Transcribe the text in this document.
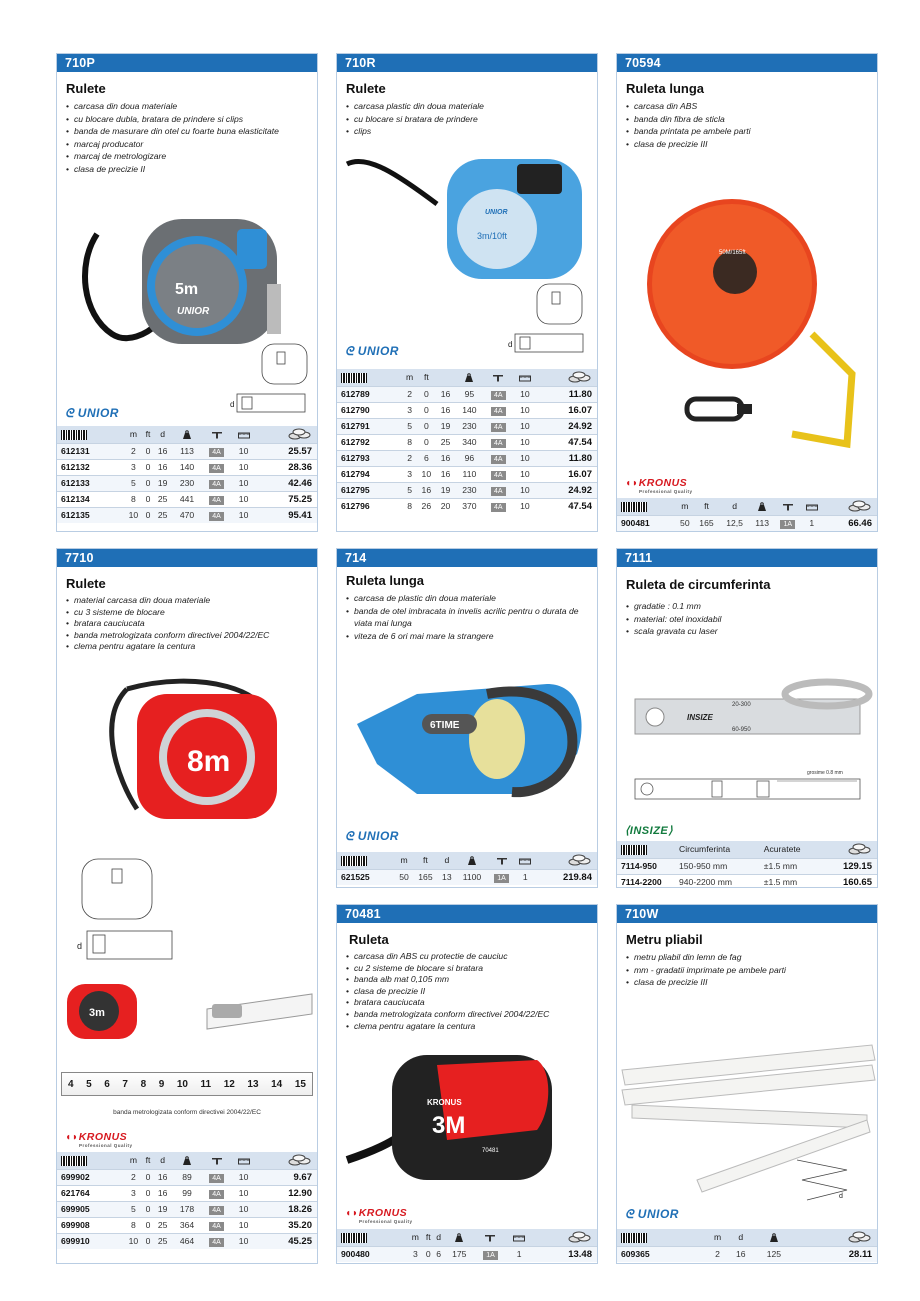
710P
Rulete
• carcasa din doua materiale
• cu blocare dubla, bratara de prindere si clips
• banda de masurare din otel cu foarte buna elasticitate
• marcaj producator
• marcaj de metrologizare
• clasa de precizie II
5m
UNIOR
d
ᘓ UNIOR
	m	ft	d				
612131	2	0	16	113	4A	10	25.57
612132	3	0	16	140	4A	10	28.36
612133	5	0	19	230	4A	10	42.46
612134	8	0	25	441	4A	10	75.25
612135	10	0	25	470	4A	10	95.41
710R
Rulete
• carcasa plastic din doua materiale
• cu blocare si bratara de prindere
• clips
UNIOR
3m/10ft
d
ᘓ UNIOR
	m	ft					
612789	2	0	16	95	4A	10	11.80
612790	3	0	16	140	4A	10	16.07
612791	5	0	19	230	4A	10	24.92
612792	8	0	25	340	4A	10	47.54
612793	2	6	16	96	4A	10	11.80
612794	3	10	16	110	4A	10	16.07
612795	5	16	19	230	4A	10	24.92
612796	8	26	20	370	4A	10	47.54
70594
Ruleta lunga
• carcasa din ABS
• banda din fibra de sticla
• banda printata pe ambele parti
• clasa de precizie III
50M/165ft
◖◗KRONUS
Professional Quality
	m	ft	d				
900481	50	165	12,5	113	1A	1	66.46
7710
Rulete
• material carcasa din doua materiale
• cu 3 sisteme de blocare
• bratara cauciucata
• banda metrologizata conform directivei 2004/22/EC
• clema pentru agatare la centura
8m
d
3m
4 5 6 7 8 9 10 11 12 13 14 15
banda metrologizata conform directivei 2004/22/EC
◖◗KRONUS
Professional Quality
	m	ft	d				
699902	2	0	16	89	4A	10	9.67
621764	3	0	16	99	4A	10	12.90
699905	5	0	19	178	4A	10	18.26
699908	8	0	25	364	4A	10	35.20
699910	10	0	25	464	4A	10	45.25
714
Ruleta lunga
• carcasa de plastic din doua materiale
• banda de otel imbracata in invelis acrilic pentru o durata de viata mai lunga
• viteza de 6 ori mai mare la strangere
6TIME
ᘓ UNIOR
	m	ft	d				
621525	50	165	13	1100	1A	1	219.84
7111
Ruleta de circumferinta
• gradatie : 0.1 mm
• material: otel inoxidabil
• scala gravata cu laser
20-300
60-950
INSIZE
grosime 0.8 mm
⟨INSIZE⟩
	Circumferinta	Acuratete	
7114-950	150-950 mm	±1.5 mm	129.15
7114-2200	940-2200 mm	±1.5 mm	160.65
70481
Ruleta
• carcasa din ABS cu protectie de cauciuc
• cu 2 sisteme de blocare si bratara
• banda alb mat 0,105 mm
• clasa de precizie II
• bratara cauciucata
• banda metrologizata conform directivei 2004/22/EC
• clema pentru agatare la centura
KRONUS
3M
70481
◖◗KRONUS
Professional Quality
	m	ft	d				
900480	3	0	6	175	1A	1	13.48
710W
Metru pliabil
• metru pliabil din lemn de fag
• mm - gradatii imprimate pe ambele parti
• clasa de precizie III
d
ᘓ UNIOR
	m	d		
609365	2	16	125	28.11
